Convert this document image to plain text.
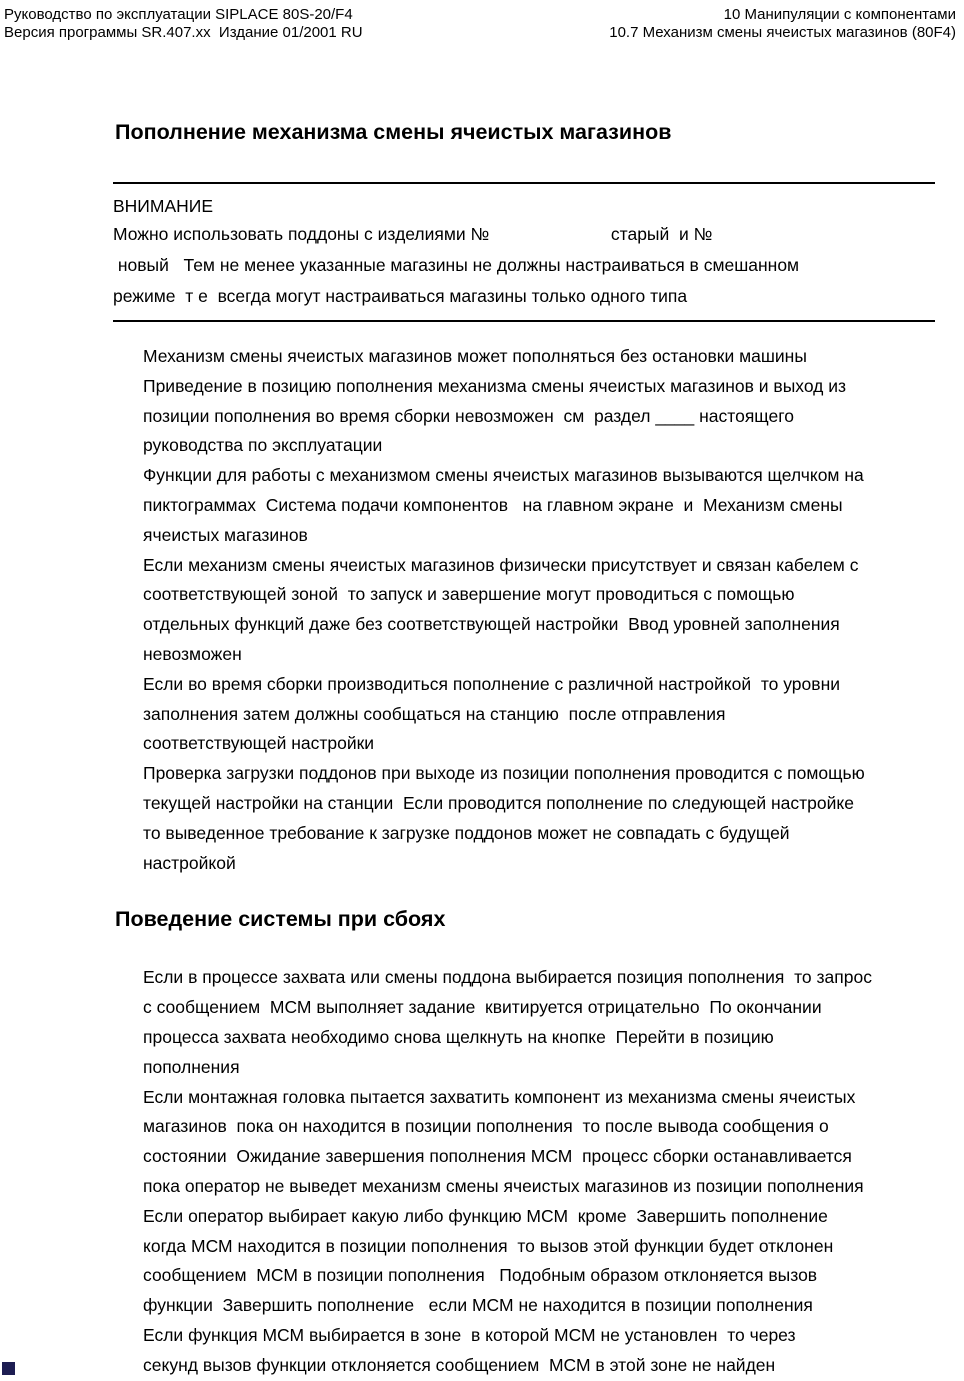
Руководство по эксплуатации SIPLACE 80S-20/F4
Версия программы SR.407.xx  Издание 01/2001 RU
10 Манипуляции с компонентами
10.7 Механизм смены ячеистых магазинов (80F4)
Пополнение механизма смены ячеистых магазинов
ВНИМАНИЕ
Можно использовать поддоны с изделиями №                         старый  и №
новый   Тем не менее указанные магазины не должны настраиваться в смешанном
режиме  т е  всегда могут настраиваться магазины только одного типа
Механизм смены ячеистых магазинов может пополняться без остановки машины
Приведение в позицию пополнения механизма смены ячеистых магазинов и выход из
позиции пополнения во время сборки невозможен  см  раздел ____ настоящего
руководства по эксплуатации
Функции для работы с механизмом смены ячеистых магазинов вызываются щелчком на
пиктограммах  Система подачи компонентов   на главном экране  и  Механизм смены
ячеистых магазинов
Если механизм смены ячеистых магазинов физически присутствует и связан кабелем с
соответствующей зоной  то запуск и завершение могут проводиться с помощью
отдельных функций даже без соответствующей настройки  Ввод уровней заполнения
невозможен
Если во время сборки производиться пополнение с различной настройкой  то уровни
заполнения затем должны сообщаться на станцию  после отправления
соответствующей настройки
Проверка загрузки поддонов при выходе из позиции пополнения проводится с помощью
текущей настройки на станции  Если проводится пополнение по следующей настройке
то выведенное требование к загрузке поддонов может не совпадать с будущей
настройкой
Поведение системы при сбоях
Если в процессе захвата или смены поддона выбирается позиция пополнения  то запрос
с сообщением  МСМ выполняет задание  квитируется отрицательно  По окончании
процесса захвата необходимо снова щелкнуть на кнопке  Перейти в позицию
пополнения
Если монтажная головка пытается захватить компонент из механизма смены ячеистых
магазинов  пока он находится в позиции пополнения  то после вывода сообщения о
состоянии  Ожидание завершения пополнения МСМ  процесс сборки останавливается
пока оператор не выведет механизм смены ячеистых магазинов из позиции пополнения
Если оператор выбирает какую либо функцию МСМ  кроме  Завершить пополнение
когда МСМ находится в позиции пополнения  то вызов этой функции будет отклонен
сообщением  МСМ в позиции пополнения   Подобным образом отклоняется вызов
функции  Завершить пополнение   если МСМ не находится в позиции пополнения
Если функция МСМ выбирается в зоне  в которой МСМ не установлен  то через
секунд вызов функции отклоняется сообщением  МСМ в этой зоне не найден
